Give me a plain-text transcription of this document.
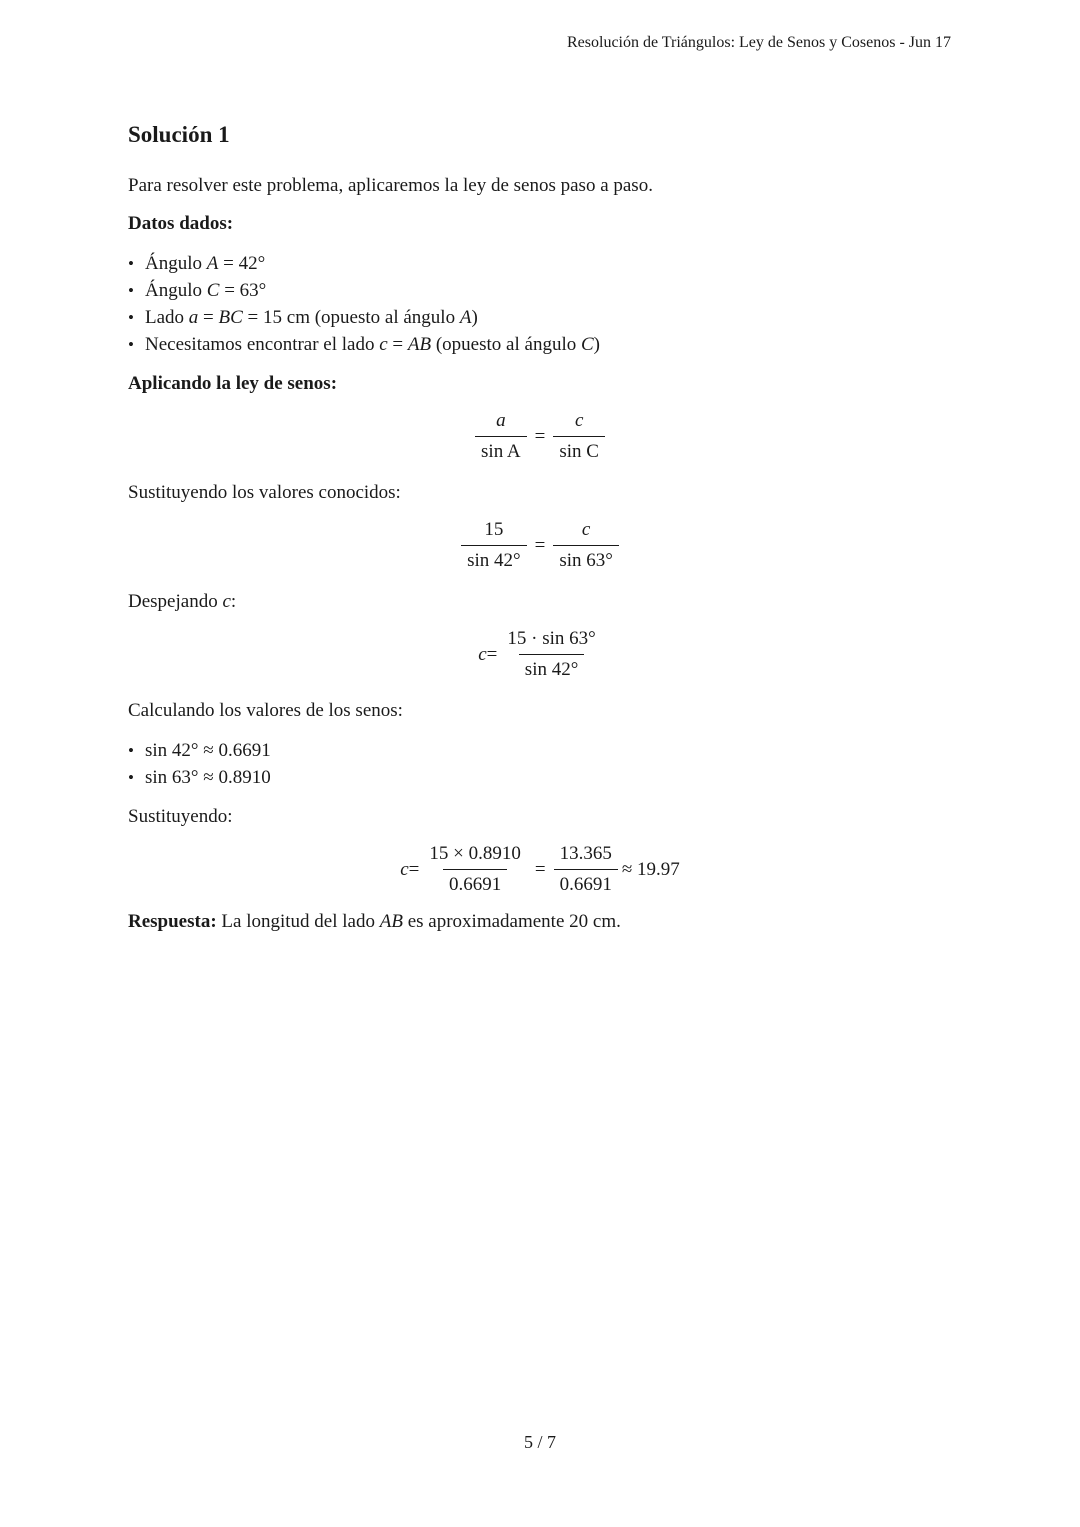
Resolución de Triángulos: Ley de Senos y Cosenos - Jun 17
Solución 1

Para resolver este problema, aplicaremos la ley de senos paso a paso.

Datos dados:

• Ángulo A = 42°
• Ángulo C = 63°
• Lado a = BC = 15 cm (opuesto al ángulo A)
• Necesitamos encontrar el lado c = AB (opuesto al ángulo C)

Aplicando la ley de senos:

$\frac{a}{\text{sin A}} = \frac{c}{\text{sin C}}$

Sustituyendo los valores conocidos:

$\frac{15}{\sin 42^\circ} = \frac{c}{\sin 63^\circ}$

Despejando c:

$c = \frac{15 \cdot \sin 63^\circ}{\sin 42^\circ}$

Calculando los valores de los senos:

• sin 42° ≈ 0.6691
• sin 63° ≈ 0.8910

Sustituyendo:

$c = \frac{15 \times 0.8910}{0.6691} = \frac{13.365}{0.6691} \approx 19.97$

Respuesta: La longitud del lado AB es aproximadamente 20 cm.

5 / 7
